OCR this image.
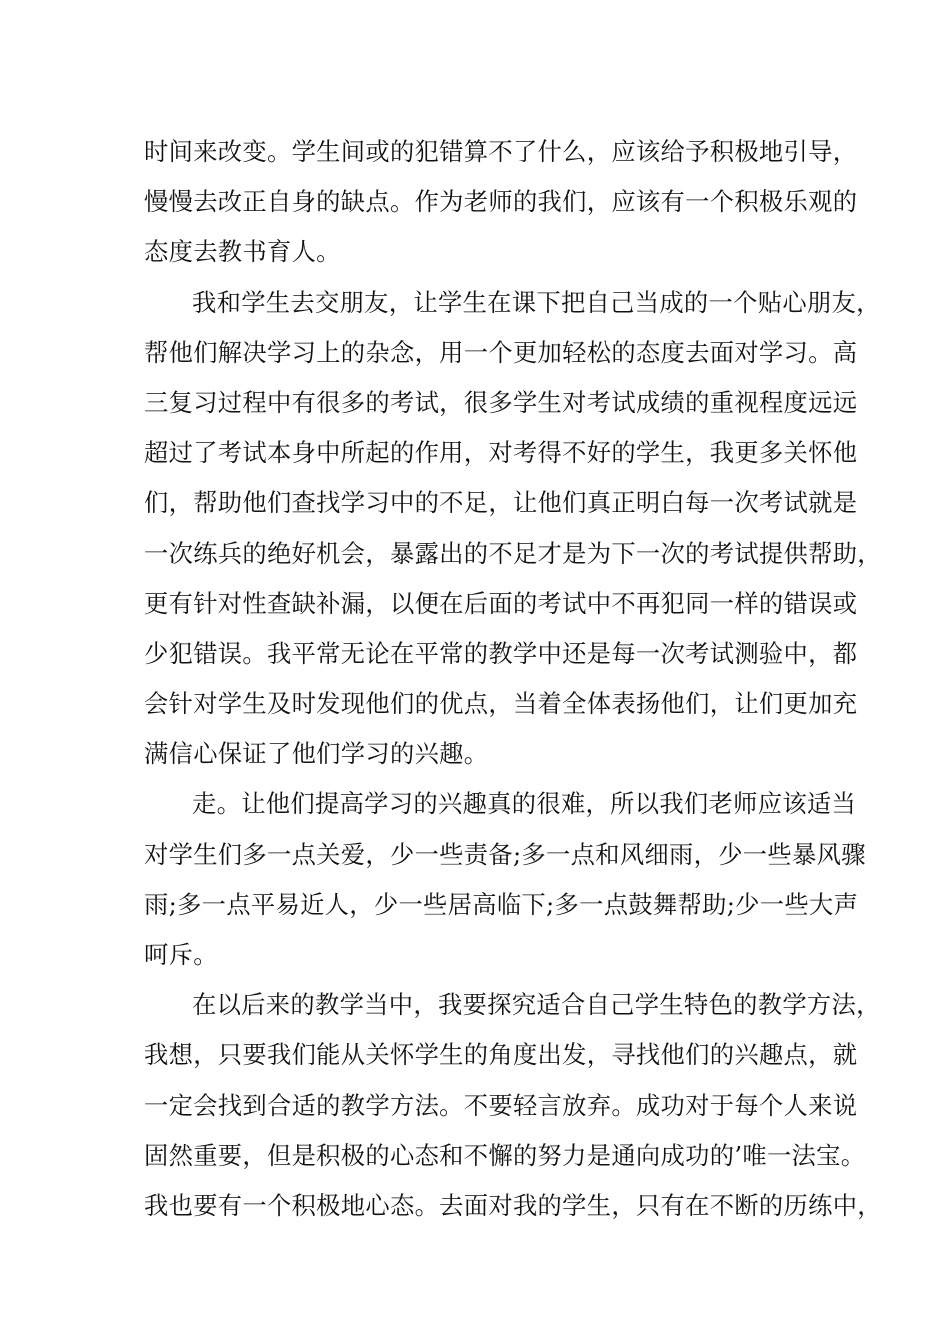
时间来改变。学生间或的犯错算不了什么，应该给予积极地引导，
慢慢去改正自身的缺点。作为老师的我们，应该有一个积极乐观的
态度去教书育人。
我和学生去交朋友，让学生在课下把自己当成的一个贴心朋友，
帮他们解决学习上的杂念，用一个更加轻松的态度去面对学习。高
三复习过程中有很多的考试，很多学生对考试成绩的重视程度远远
超过了考试本身中所起的作用，对考得不好的学生，我更多关怀他
们，帮助他们查找学习中的不足，让他们真正明白每一次考试就是
一次练兵的绝好机会，暴露出的不足才是为下一次的考试提供帮助，
更有针对性查缺补漏，以便在后面的考试中不再犯同一样的错误或
少犯错误。我平常无论在平常的教学中还是每一次考试测验中，都
会针对学生及时发现他们的优点，当着全体表扬他们，让们更加充
满信心保证了他们学习的兴趣。
走。让他们提高学习的兴趣真的很难，所以我们老师应该适当
对学生们多一点关爱，少一些责备;多一点和风细雨，少一些暴风骤
雨;多一点平易近人，少一些居高临下;多一点鼓舞帮助;少一些大声
呵斥。
在以后来的教学当中，我要探究适合自己学生特色的教学方法，
我想，只要我们能从关怀学生的角度出发，寻找他们的兴趣点，就
一定会找到合适的教学方法。不要轻言放弃。成功对于每个人来说
固然重要，但是积极的心态和不懈的努力是通向成功的’唯一法宝。
我也要有一个积极地心态。去面对我的学生，只有在不断的历练中，
